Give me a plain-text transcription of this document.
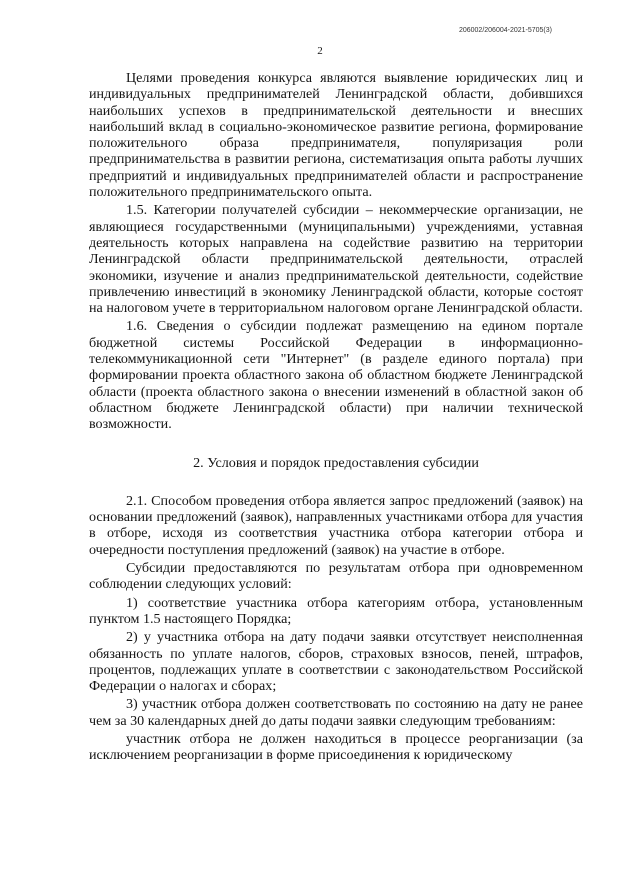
206002/206004-2021-5705(3)
2

Целями проведения конкурса являются выявление юридических лиц и индивидуальных предпринимателей Ленинградской области, добившихся наибольших успехов в предпринимательской деятельности и внесших наибольший вклад в социально-экономическое развитие региона, формирование положительного образа предпринимателя, популяризация роли предпринимательства в развитии региона, систематизация опыта работы лучших предприятий и индивидуальных предпринимателей области и распространение положительного предпринимательского опыта.

1.5. Категории получателей субсидии – некоммерческие организации, не являющиеся государственными (муниципальными) учреждениями, уставная деятельность которых направлена на содействие развитию на территории Ленинградской области предпринимательской деятельности, отраслей экономики, изучение и анализ предпринимательской деятельности, содействие привлечению инвестиций в экономику Ленинградской области, которые состоят на налоговом учете в территориальном налоговом органе Ленинградской области.

1.6. Сведения о субсидии подлежат размещению на едином портале бюджетной системы Российской Федерации в информационно-телекоммуникационной сети "Интернет" (в разделе единого портала) при формировании проекта областного закона об областном бюджете Ленинградской области (проекта областного закона о внесении изменений в областной закон об областном бюджете Ленинградской области) при наличии технической возможности.

2. Условия и порядок предоставления субсидии

2.1. Способом проведения отбора является запрос предложений (заявок) на основании предложений (заявок), направленных участниками отбора для участия в отборе, исходя из соответствия участника отбора категории отбора и очередности поступления предложений (заявок) на участие в отборе.

Субсидии предоставляются по результатам отбора при одновременном соблюдении следующих условий:

1) соответствие участника отбора категориям отбора, установленным пунктом 1.5 настоящего Порядка;

2) у участника отбора на дату подачи заявки отсутствует неисполненная обязанность по уплате налогов, сборов, страховых взносов, пеней, штрафов, процентов, подлежащих уплате в соответствии с законодательством Российской Федерации о налогах и сборах;

3) участник отбора должен соответствовать по состоянию на дату не ранее чем за 30 календарных дней до даты подачи заявки следующим требованиям:

участник отбора не должен находиться в процессе реорганизации (за исключением реорганизации в форме присоединения к юридическому
